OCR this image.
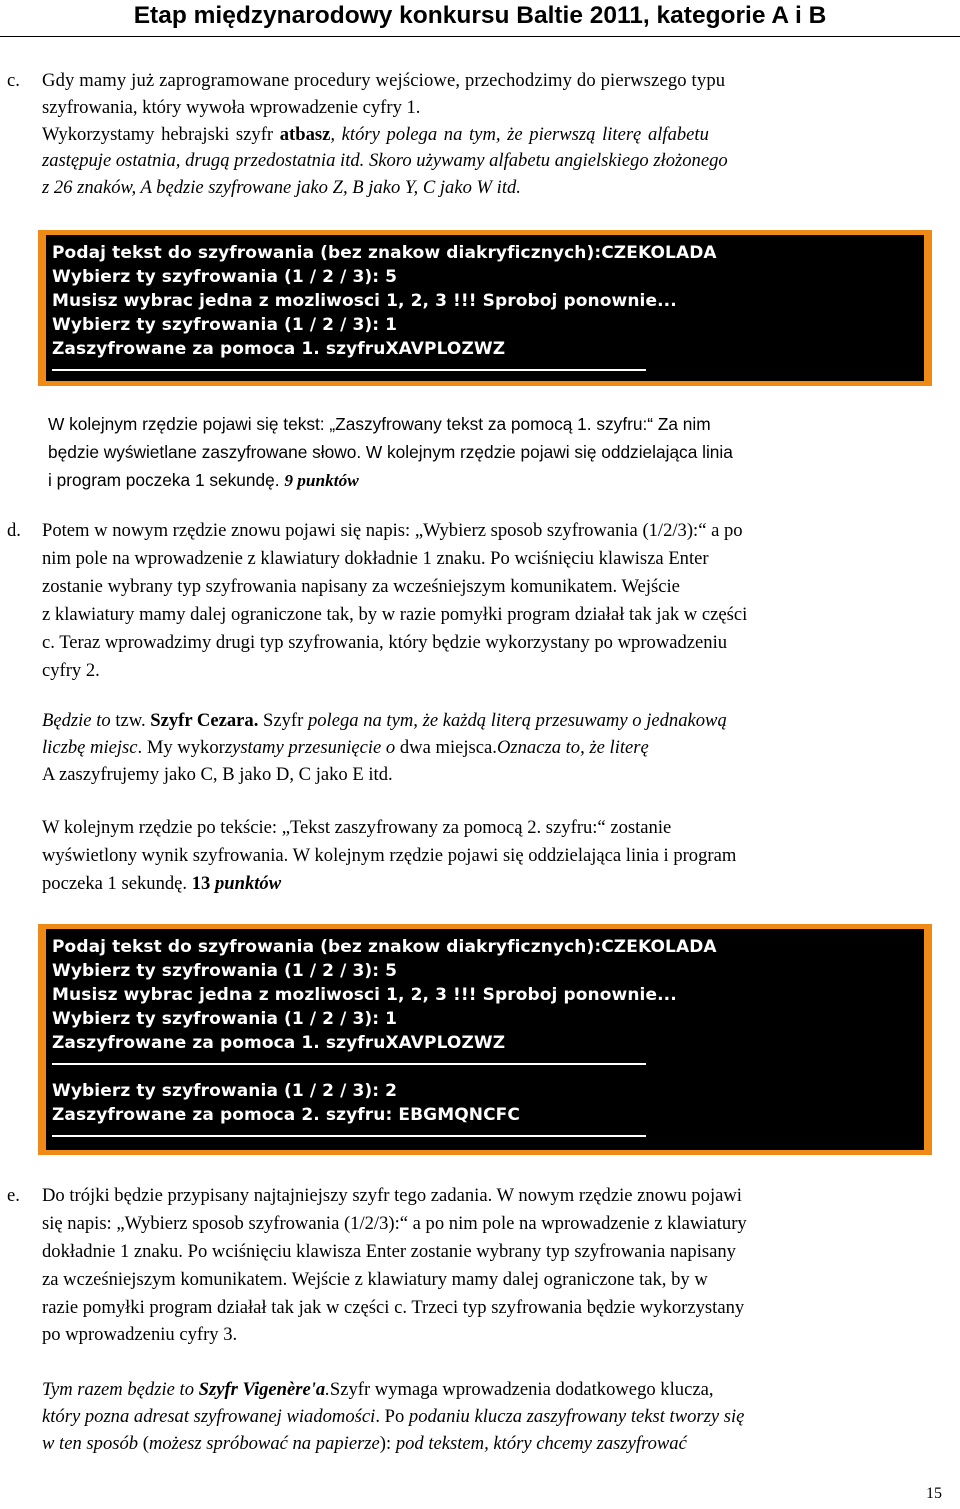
Etap międzynarodowy konkursu Baltie 2011, kategorie A i B
c. Gdy mamy już zaprogramowane procedury wejściowe, przechodzimy do pierwszego typu
szyfrowania, który wywoła wprowadzenie cyfry 1.
Wykorzystamy hebrajski szyfr atbasz, który polega na tym, że pierwszą literę alfabetu
zastępuje ostatnia, drugą przedostatnia itd. Skoro używamy alfabetu angielskiego złożonego
z 26 znaków, A będzie szyfrowane jako Z, B jako Y, C jako W itd.
Podaj tekst do szyfrowania (bez znakow diakryficznych):CZEKOLADA
Wybierz ty szyfrowania (1 / 2 / 3): 5
Musisz wybrac jedna z mozliwosci 1, 2, 3 !!! Sproboj ponownie...
Wybierz ty szyfrowania (1 / 2 / 3): 1
Zaszyfrowane za pomoca 1. szyfruXAVPLOZWZ
W kolejnym rzędzie pojawi się tekst: „Zaszyfrowany tekst za pomocą 1. szyfru:“ Za nim
będzie wyświetlane zaszyfrowane słowo. W kolejnym rzędzie pojawi się oddzielająca linia
i program poczeka 1 sekundę. 9 punktów
d. Potem w nowym rzędzie znowu pojawi się napis: „Wybierz sposob szyfrowania (1/2/3):“ a po
nim pole na wprowadzenie z klawiatury dokładnie 1 znaku. Po wciśnięciu klawisza Enter
zostanie wybrany typ szyfrowania napisany za wcześniejszym komunikatem. Wejście
z klawiatury mamy dalej ograniczone tak, by w razie pomyłki program działał tak jak w części
c. Teraz wprowadzimy drugi typ szyfrowania, który będzie wykorzystany po wprowadzeniu
cyfry 2.
Będzie to tzw. Szyfr Cezara. Szyfr polega na tym, że każdą literą przesuwamy o jednakową
liczbę miejsc. My wykorzystamy przesunięcie o dwa miejsca.Oznacza to, że literę
A zaszyfrujemy jako C, B jako D, C jako E itd.
W kolejnym rzędzie po tekście: „Tekst zaszyfrowany za pomocą 2. szyfru:“ zostanie
wyświetlony wynik szyfrowania. W kolejnym rzędzie pojawi się oddzielająca linia i program
poczeka 1 sekundę. 13 punktów
Podaj tekst do szyfrowania (bez znakow diakryficznych):CZEKOLADA
Wybierz ty szyfrowania (1 / 2 / 3): 5
Musisz wybrac jedna z mozliwosci 1, 2, 3 !!! Sproboj ponownie...
Wybierz ty szyfrowania (1 / 2 / 3): 1
Zaszyfrowane za pomoca 1. szyfruXAVPLOZWZ
Wybierz ty szyfrowania (1 / 2 / 3): 2
Zaszyfrowane za pomoca 2. szyfru: EBGMQNCFC
e. Do trójki będzie przypisany najtajniejszy szyfr tego zadania. W nowym rzędzie znowu pojawi
się napis: „Wybierz sposob szyfrowania (1/2/3):“ a po nim pole na wprowadzenie z klawiatury
dokładnie 1 znaku. Po wciśnięciu klawisza Enter zostanie wybrany typ szyfrowania napisany
za wcześniejszym komunikatem. Wejście z klawiatury mamy dalej ograniczone tak, by w
razie pomyłki program działał tak jak w części c. Trzeci typ szyfrowania będzie wykorzystany
po wprowadzeniu cyfry 3.
Tym razem będzie to Szyfr Vigenère'a.Szyfr wymaga wprowadzenia dodatkowego klucza,
który pozna adresat szyfrowanej wiadomości. Po podaniu klucza zaszyfrowany tekst tworzy się
w ten sposób (możesz spróbować na papierze): pod tekstem, który chcemy zaszyfrować
15
